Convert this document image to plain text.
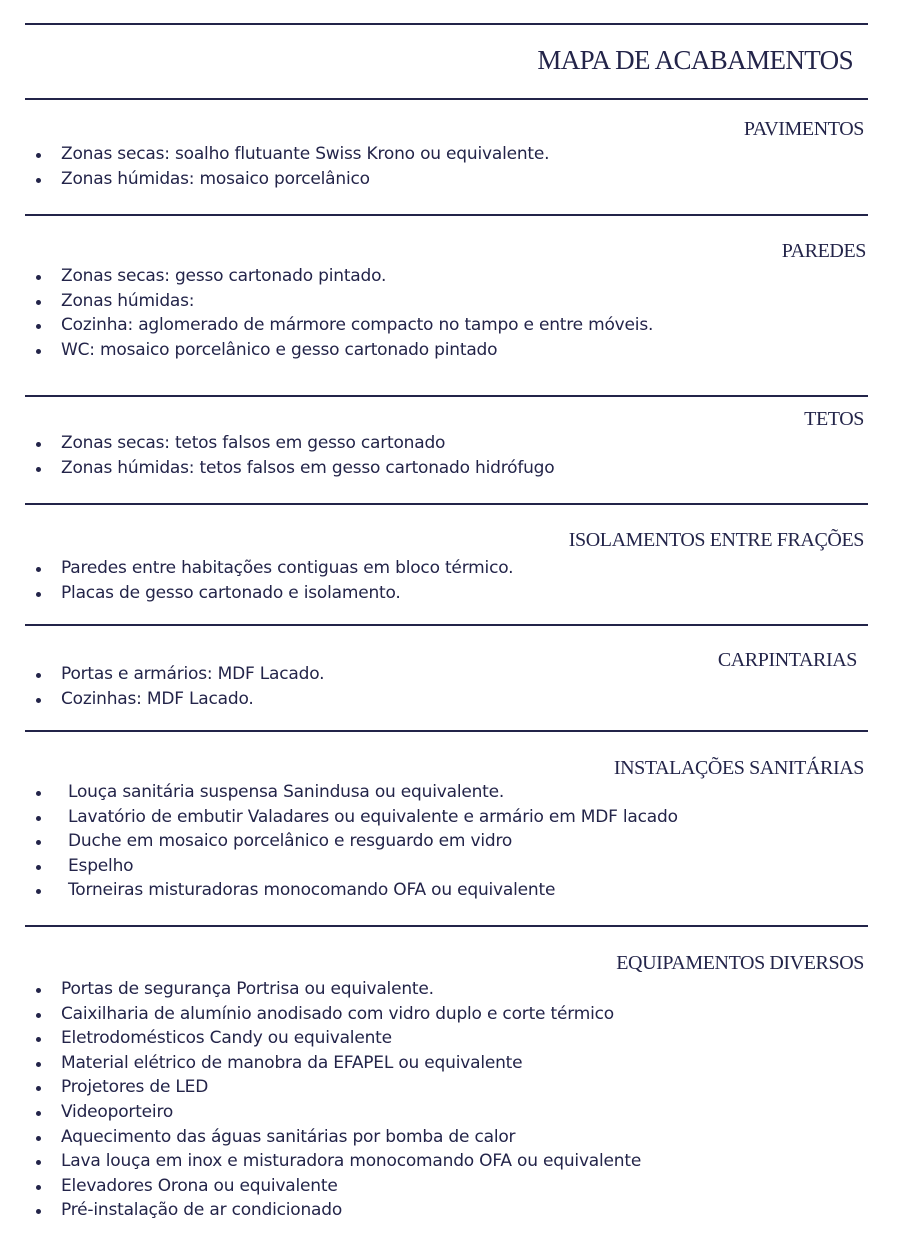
MAPA DE ACABAMENTOS
PAVIMENTOS
Zonas secas: soalho flutuante Swiss Krono ou equivalente.
Zonas húmidas: mosaico porcelânico
PAREDES
Zonas secas: gesso cartonado pintado.
Zonas húmidas:
Cozinha: aglomerado de mármore compacto no tampo e entre móveis.
WC: mosaico porcelânico e gesso cartonado pintado
TETOS
Zonas secas: tetos falsos em gesso cartonado
Zonas húmidas: tetos falsos em gesso cartonado hidrófugo
ISOLAMENTOS ENTRE FRAÇÕES
Paredes entre habitações contiguas em bloco térmico.
Placas de gesso cartonado e isolamento.
CARPINTARIAS
Portas e armários: MDF Lacado.
Cozinhas: MDF Lacado.
INSTALAÇÕES SANITÁRIAS
Louça sanitária suspensa Sanindusa ou equivalente.
Lavatório de embutir Valadares ou equivalente e armário em MDF lacado
Duche em mosaico porcelânico e resguardo em vidro
Espelho
Torneiras misturadoras monocomando OFA ou equivalente
EQUIPAMENTOS DIVERSOS
Portas de segurança Portrisa ou equivalente.
Caixilharia de alumínio anodisado com vidro duplo e corte térmico
Eletrodomésticos Candy ou equivalente
Material elétrico de manobra da EFAPEL ou equivalente
Projetores de LED
Videoporteiro
Aquecimento das águas sanitárias por bomba de calor
Lava louça em inox e misturadora monocomando OFA ou equivalente
Elevadores Orona ou equivalente
Pré-instalação de ar condicionado
